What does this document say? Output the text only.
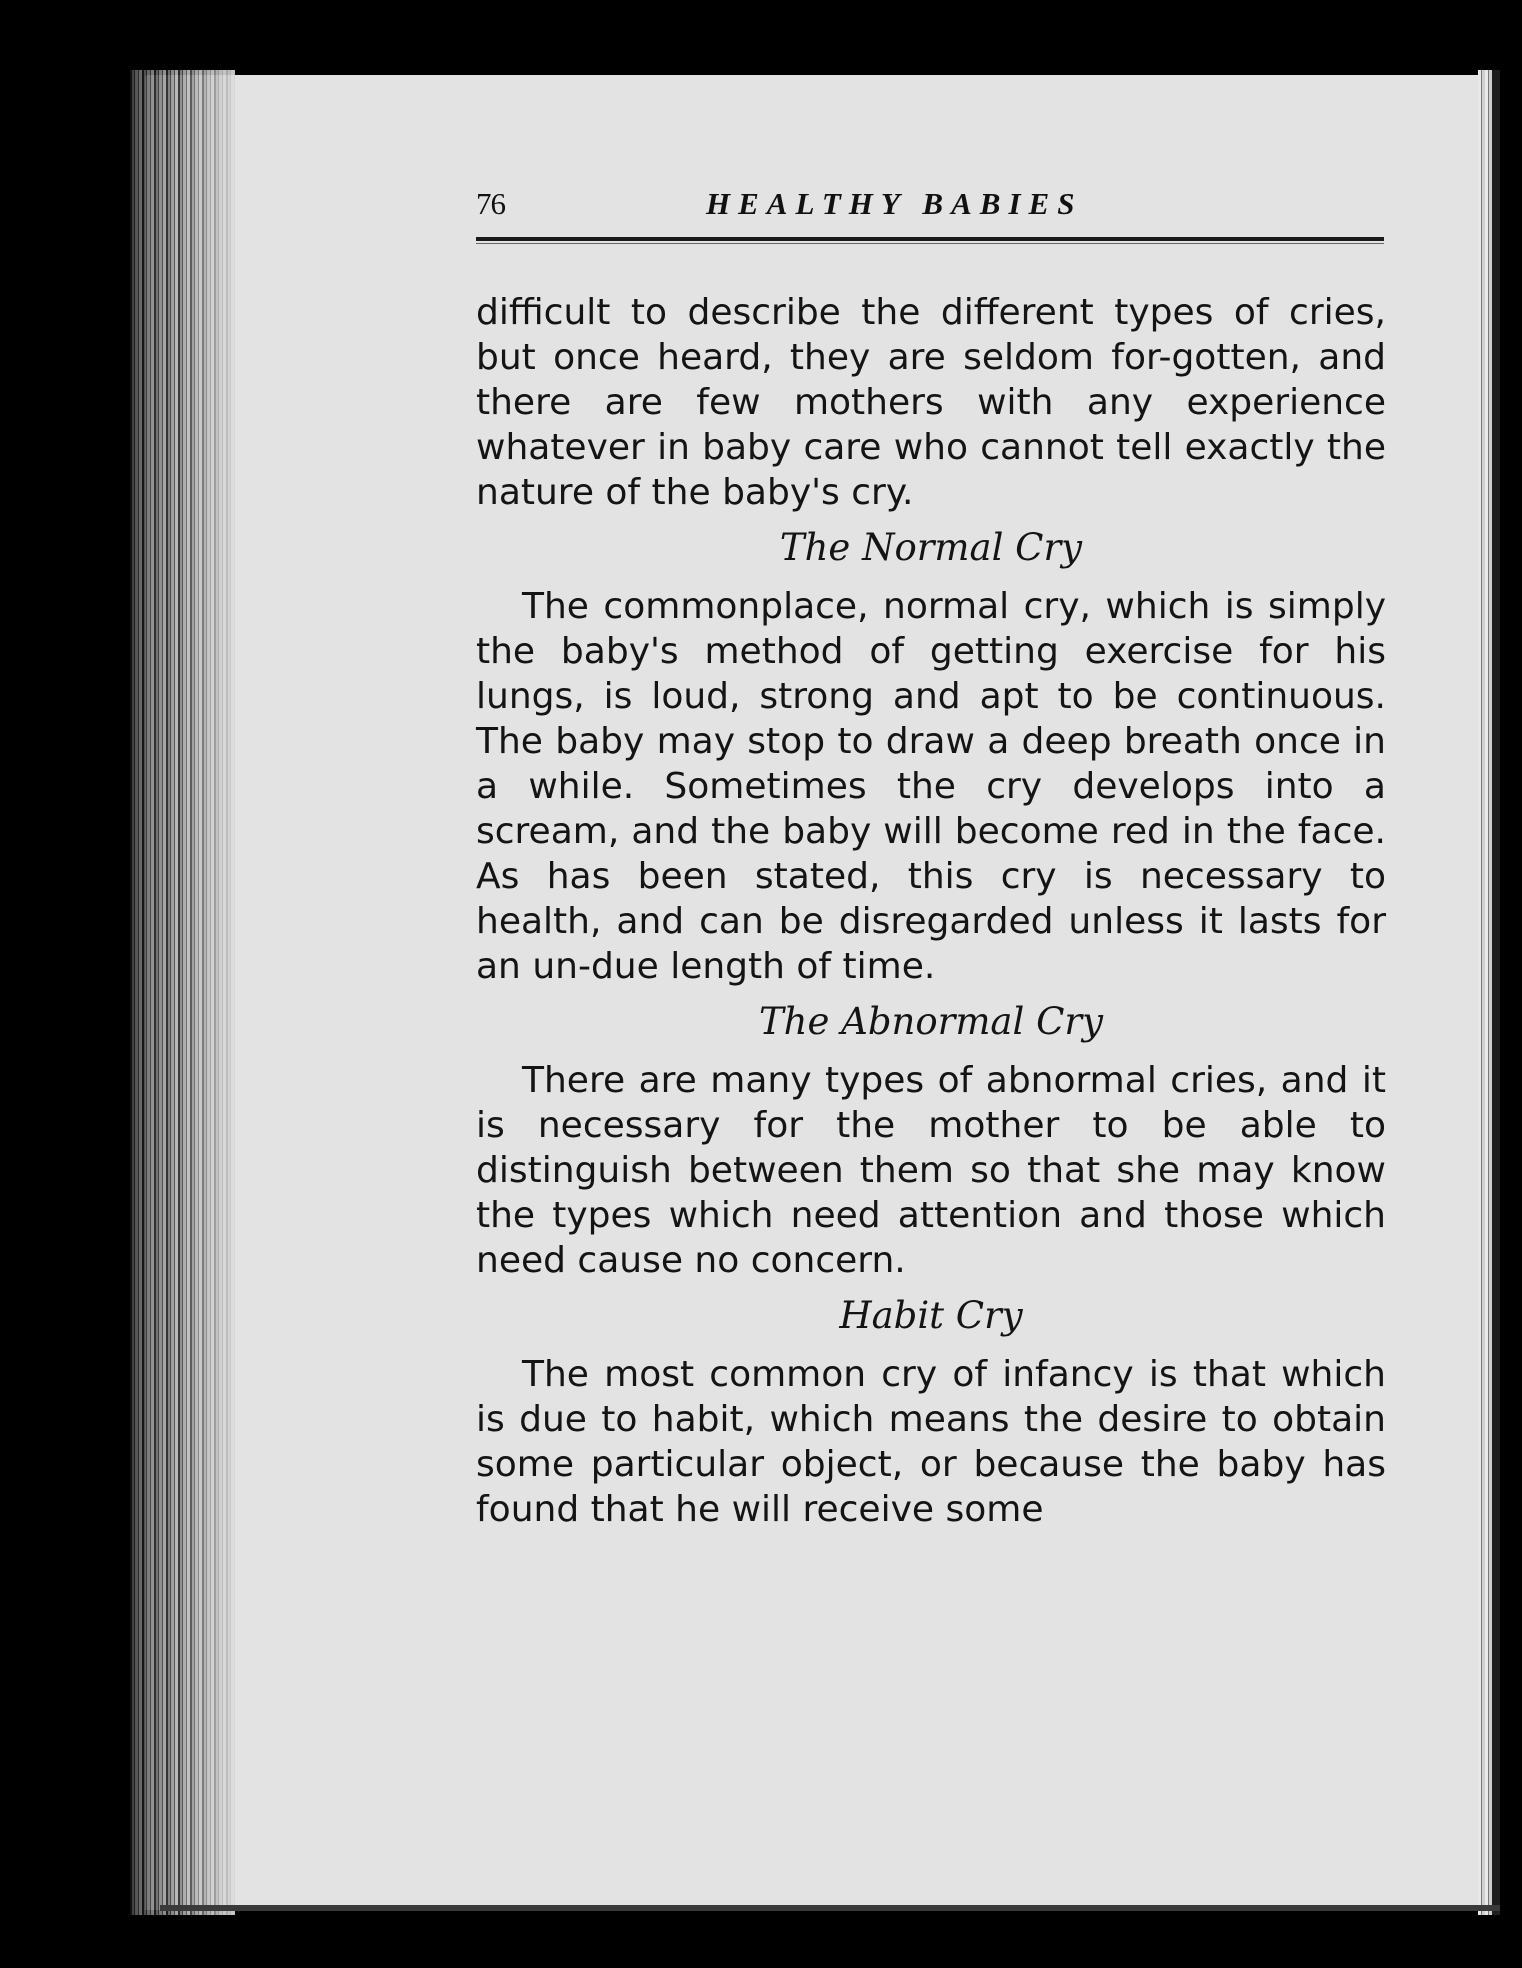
76	HEALTHY BABIES

difficult to describe the different types of cries, but once heard, they are seldom for-gotten, and there are few mothers with any experience whatever in baby care who cannot tell exactly the nature of the baby's cry.

The Normal Cry

The commonplace, normal cry, which is simply the baby's method of getting exercise for his lungs, is loud, strong and apt to be continuous. The baby may stop to draw a deep breath once in a while. Sometimes the cry develops into a scream, and the baby will become red in the face. As has been stated, this cry is necessary to health, and can be disregarded unless it lasts for an un-due length of time.

The Abnormal Cry

There are many types of abnormal cries, and it is necessary for the mother to be able to distinguish between them so that she may know the types which need attention and those which need cause no concern.

Habit Cry

The most common cry of infancy is that which is due to habit, which means the desire to obtain some particular object, or because the baby has found that he will receive some
